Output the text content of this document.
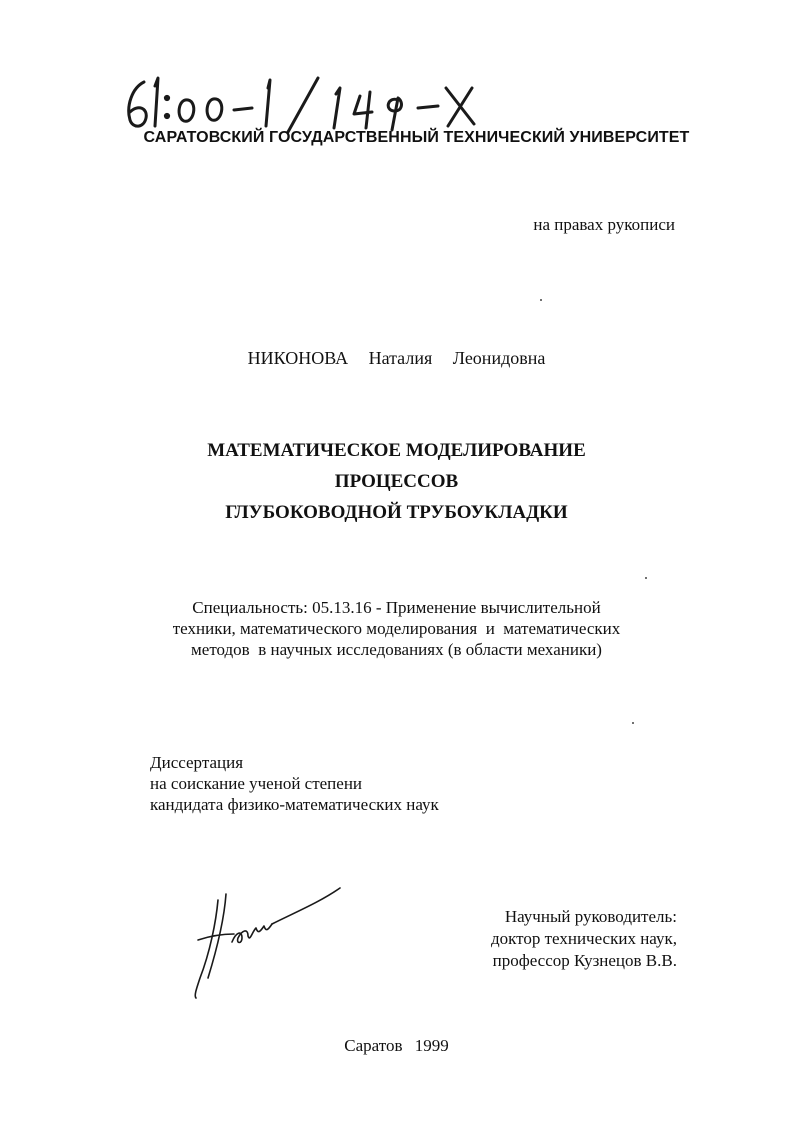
САРАТОВСКИЙ ГОСУДАРСТВЕННЫЙ ТЕХНИЧЕСКИЙ УНИВЕРСИТЕТ
на правах рукописи
НИКОНОВА Наталия Леонидовна
МАТЕМАТИЧЕСКОЕ МОДЕЛИРОВАНИЕ
ПРОЦЕССОВ
ГЛУБОКОВОДНОЙ ТРУБОУКЛАДКИ
Специальность: 05.13.16 - Применение вычислительной
техники, математического моделирования  и  математических
методов  в научных исследованиях (в области механики)
Диссертация
на соискание ученой степени
кандидата физико-математических наук
Научный руководитель:
доктор технических наук,
профессор Кузнецов В.В.
Саратов 1999
